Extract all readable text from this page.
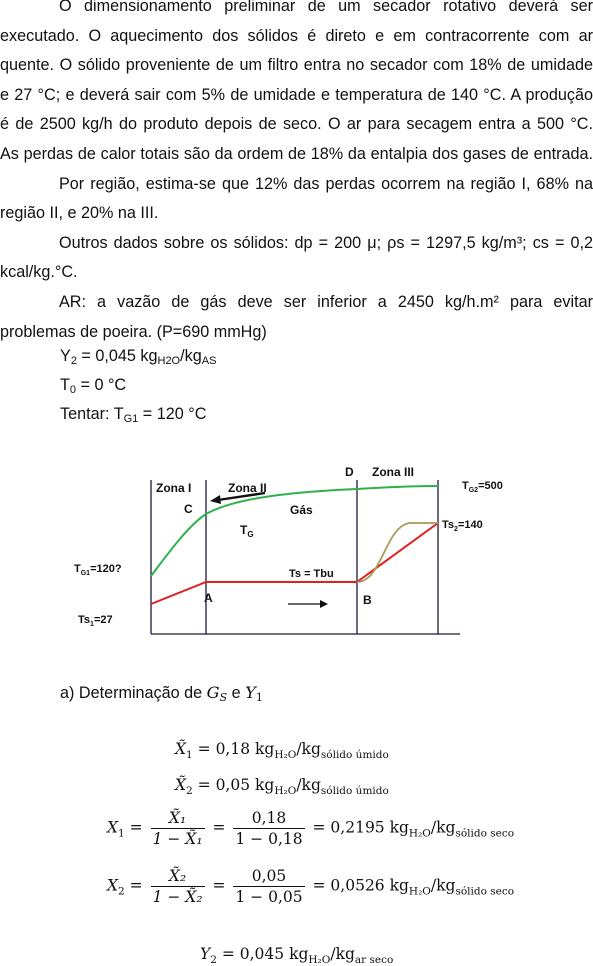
O dimensionamento preliminar de um secador rotativo deverá ser
executado. O aquecimento dos sólidos é direto e em contracorrente com ar
quente. O sólido proveniente de um filtro entra no secador com 18% de umidade
e 27 °C; e deverá sair com 5% de umidade e temperatura de 140 °C. A produção
é de 2500 kg/h do produto depois de seco. O ar para secagem entra a 500 °C.
As perdas de calor totais são da ordem de 18% da entalpia dos gases de entrada.
Por região, estima-se que 12% das perdas ocorrem na região I, 68% na
região II, e 20% na III.
Outros dados sobre os sólidos: dp = 200 μ; ρs = 1297,5 kg/m³; cs = 0,2
kcal/kg.°C.
AR: a vazão de gás deve ser inferior a 2450 kg/h.m² para evitar
problemas de poeira. (P=690 mmHg)
$Y_2 = 0,045$ $kg_{H2O}/kg_{AS}$
$T_0 = 0$ °C
Tentar: $T_{G1} = 120$ °C
Zona I	Zona II
Zona III
C
D
A	B
Gás
$T_G$
$T_{G2}=500$
$T_{G1}=120$?	Ts = Tbu
$Ts_2=140$
$Ts_1=27$
a) Determinação de $G_S$ e $Y_1$
$X̃_1 = 0,18$ $kg_{H_2O}/kg_{sólido úmido}$
$X̃_2 = 0,05$ $kg_{H_2O}/kg_{sólido úmido}$
$X_1 = \frac{\text{X̃₁}}{\text{1 − X̃₁}} = \frac{0,18}{1 - 0,18} = 0,2195$ $kg_{H_2O}/kg_{sólido seco}$
$X_2 = \frac{\text{X̃₂}}{\text{1 − X̃₂}} = \frac{0,05}{1 - 0,05} = 0,0526$ $kg_{H_2O}/kg_{sólido seco}$
$Y_2 = 0,045$ $kg_{H_2O}/kg_{ar seco}$
